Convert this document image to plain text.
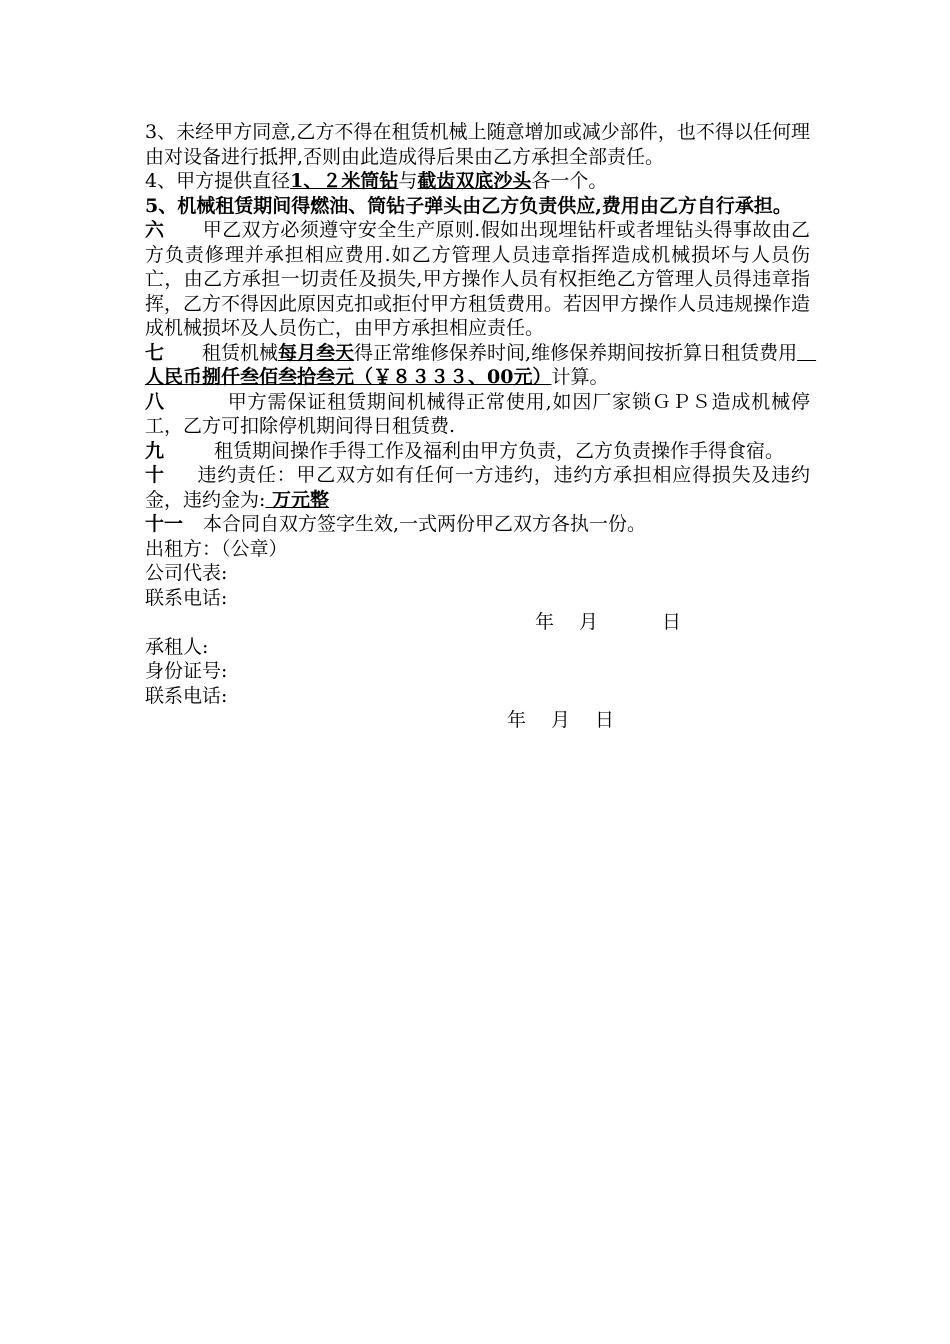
3、未经甲方同意,乙方不得在租赁机械上随意增加或减少部件，也不得以任何理由对设备进行抵押,否则由此造成得后果由乙方承担全部责任。

4、甲方提供直径1、２米筒钻与截齿双底沙头各一个。

5、机械租赁期间得燃油、筒钻子弹头由乙方负责供应,费用由乙方自行承担。

六 甲乙双方必须遵守安全生产原则.假如出现埋钻杆或者埋钻头得事故由乙方负责修理并承担相应费用.如乙方管理人员违章指挥造成机械损坏与人员伤亡，由乙方承担一切责任及损失,甲方操作人员有权拒绝乙方管理人员得违章指挥，乙方不得因此原因克扣或拒付甲方租赁费用。若因甲方操作人员违规操作造成机械损坏及人员伤亡，由甲方承担相应责任。

七 租赁机械每月叁天得正常维修保养时间,维修保养期间按折算日租赁费用　人民币捌仟叁佰叁拾叁元（￥８３３３、00元）计算。

八	甲方需保证租赁期间机械得正常使用,如因厂家锁ＧＰＳ造成机械停工，乙方可扣除停机期间得日租赁费.

九	租赁期间操作手得工作及福利由甲方负责，乙方负责操作手得食宿。

十 违约责任：甲乙双方如有任何一方违约，违约方承担相应得损失及违约金，违约金为: 万元整

十一 本合同自双方签字生效,一式两份甲乙双方各执一份。

出租方：（公章）

公司代表:

联系电话:

年 月	日

承租人:

身份证号:

联系电话:

年 月 日
